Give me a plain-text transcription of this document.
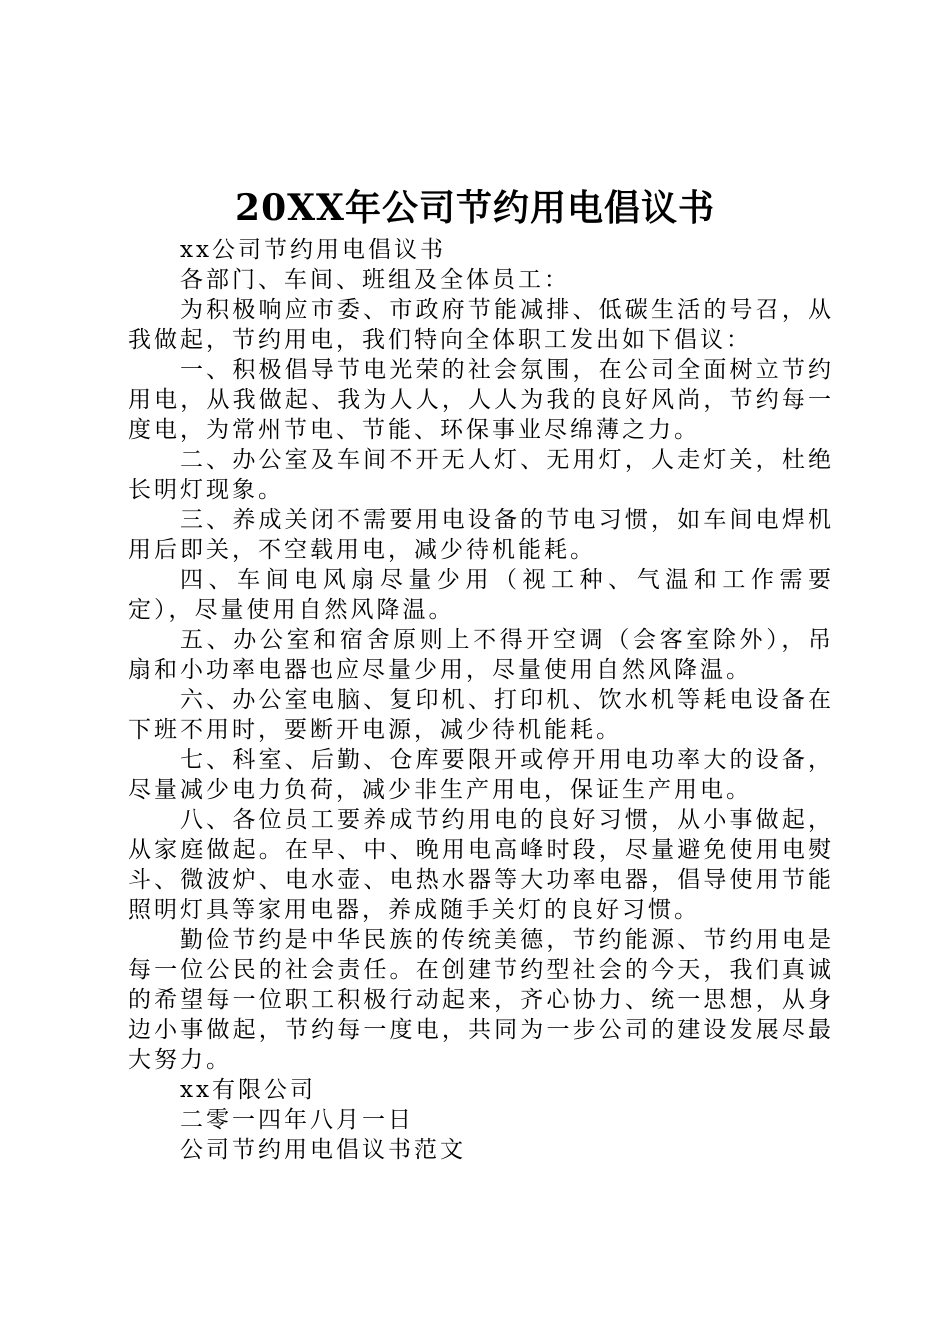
20XX年公司节约用电倡议书

xx公司节约用电倡议书

各部门、车间、班组及全体员工：

为积极响应市委、市政府节能减排、低碳生活的号召，从我做起，节约用电，我们特向全体职工发出如下倡议：

一、积极倡导节电光荣的社会氛围，在公司全面树立节约用电，从我做起、我为人人，人人为我的良好风尚，节约每一度电，为常州节电、节能、环保事业尽绵薄之力。

二、办公室及车间不开无人灯、无用灯，人走灯关，杜绝长明灯现象。

三、养成关闭不需要用电设备的节电习惯，如车间电焊机用后即关，不空载用电，减少待机能耗。

四、车间电风扇尽量少用（视工种、气温和工作需要定），尽量使用自然风降温。

五、办公室和宿舍原则上不得开空调（会客室除外），吊扇和小功率电器也应尽量少用，尽量使用自然风降温。

六、办公室电脑、复印机、打印机、饮水机等耗电设备在下班不用时，要断开电源，减少待机能耗。

七、科室、后勤、仓库要限开或停开用电功率大的设备，尽量减少电力负荷，减少非生产用电，保证生产用电。

八、各位员工要养成节约用电的良好习惯，从小事做起，从家庭做起。在早、中、晚用电高峰时段，尽量避免使用电熨斗、微波炉、电水壶、电热水器等大功率电器，倡导使用节能照明灯具等家用电器，养成随手关灯的良好习惯。

勤俭节约是中华民族的传统美德，节约能源、节约用电是每一位公民的社会责任。在创建节约型社会的今天，我们真诚的希望每一位职工积极行动起来，齐心协力、统一思想，从身边小事做起，节约每一度电，共同为一步公司的建设发展尽最大努力。

xx有限公司

二零一四年八月一日

公司节约用电倡议书范文
